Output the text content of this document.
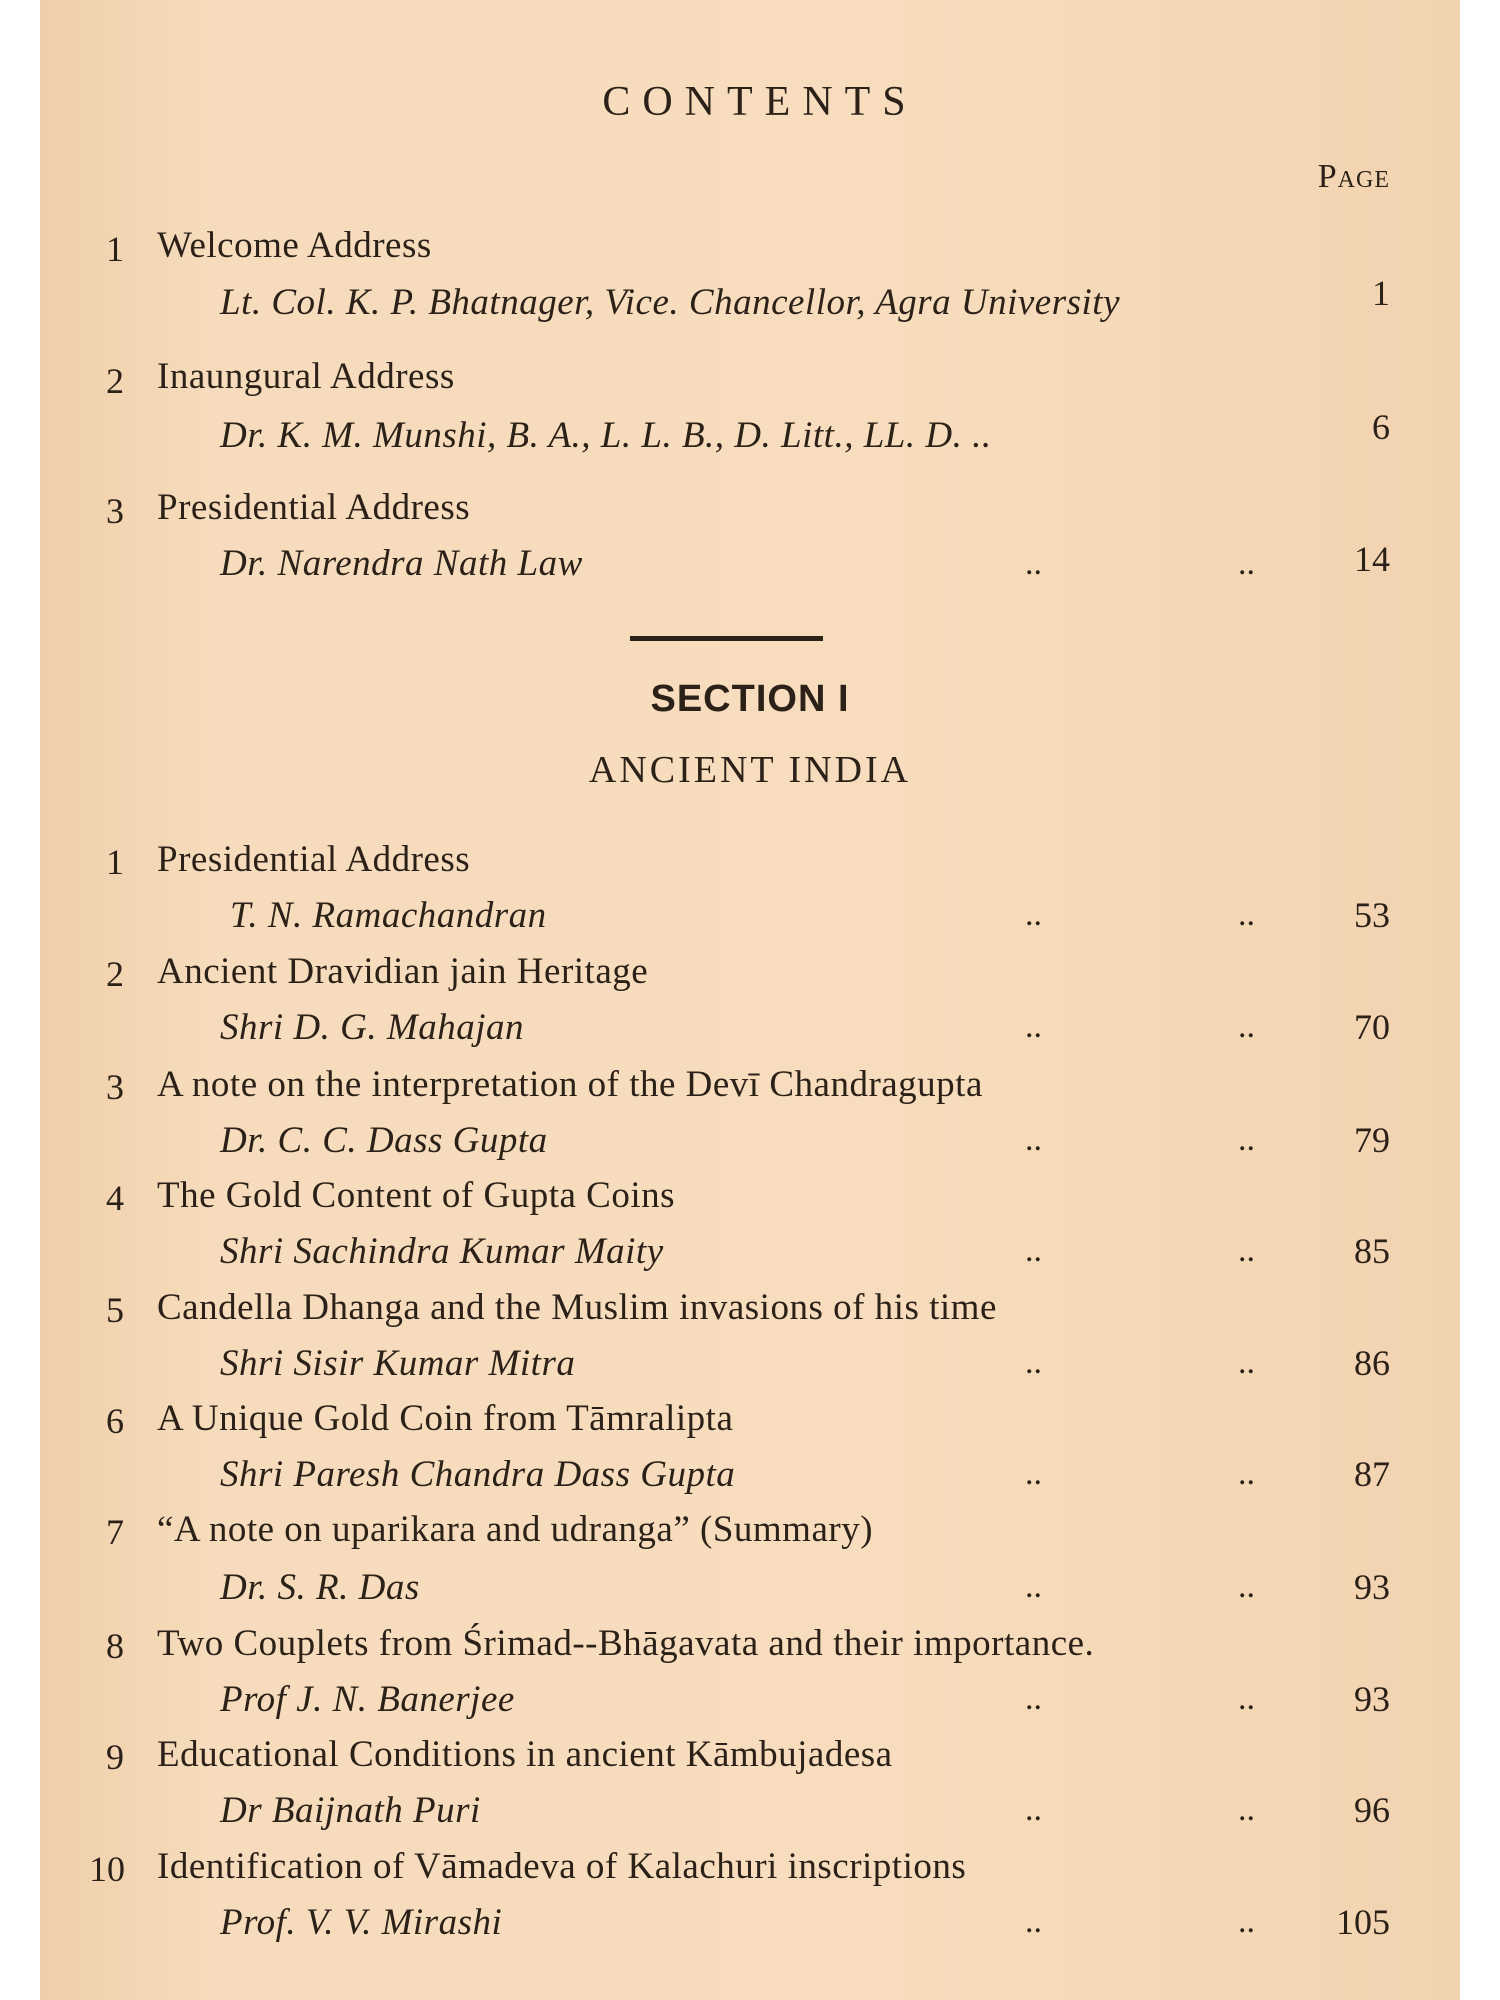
CONTENTS
Page
1 Welcome Address
Lt. Col. K. P. Bhatnager, Vice. Chancellor, Agra University	1
2 Inaungural Address
Dr. K. M. Munshi, B. A., L. L. B., D. Litt., LL. D. ..	6
3 Presidential Address
Dr. Narendra Nath Law	..	..	14
SECTION I
ANCIENT INDIA
1 Presidential Address
T. N. Ramachandran	..	..	53
2 Ancient Dravidian jain Heritage
Shri D. G. Mahajan	..	..	70
3 A note on the interpretation of the Devī Chandragupta
Dr. C. C. Dass Gupta	..	..	79
4 The Gold Content of Gupta Coins
Shri Sachindra Kumar Maity	..	..	85
5 Candella Dhanga and the Muslim invasions of his time
Shri Sisir Kumar Mitra	..	..	86
6 A Unique Gold Coin from Tāmralipta
Shri Paresh Chandra Dass Gupta	..	..	87
7 “A note on uparikara and udranga” (Summary)
Dr. S. R. Das	..	..	93
8 Two Couplets from Śrimad--Bhāgavata and their importance.
Prof J. N. Banerjee	..	..	93
9 Educational Conditions in ancient Kāmbujadesa
Dr Baijnath Puri	..	..	96
10 Identification of Vāmadeva of Kalachuri inscriptions
Prof. V. V. Mirashi	..	..	105
